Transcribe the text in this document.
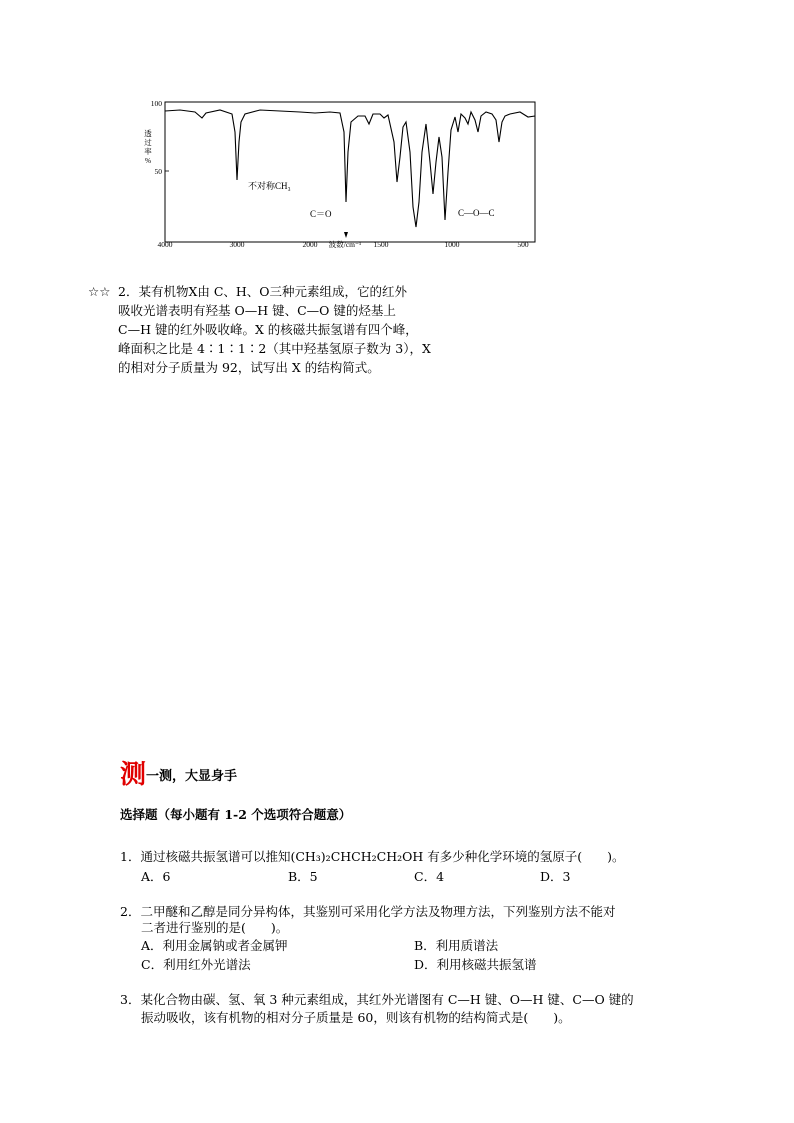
100
50
透过率%
4000	3000	2000 波数/cm⁻¹ 1500	1000	500
不对称CH₃
C＝O	C—O—C
☆☆ 2．某有机物X由 C、H、O三种元素组成，它的红外
吸收光谱表明有羟基 O—H 键、C—O 键的烃基上
C—H 键的红外吸收峰。X 的核磁共振氢谱有四个峰，
峰面积之比是 4∶1∶1∶2（其中羟基氢原子数为 3），X
的相对分子质量为 92，试写出 X 的结构简式。
测一测，大显身手
选择题（每小题有 1-2 个选项符合题意）
1．通过核磁共振氢谱可以推知(CH₃)₂CHCH₂CH₂OH 有多少种化学环境的氢原子(　　)。
A．6	B．5	C．4	D．3
2．二甲醚和乙醇是同分异构体，其鉴别可采用化学方法及物理方法，下列鉴别方法不能对
二者进行鉴别的是(　　)。
A．利用金属钠或者金属钾	B．利用质谱法
C．利用红外光谱法	D．利用核磁共振氢谱
3．某化合物由碳、氢、氧 3 种元素组成，其红外光谱图有 C—H 键、O—H 键、C—O 键的
振动吸收，该有机物的相对分子质量是 60，则该有机物的结构简式是(　　)。
